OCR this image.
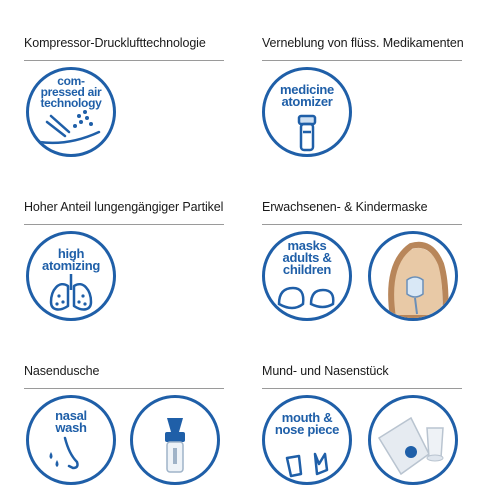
Kompressor-Drucklufttechnologie
com-
pressed air
technology
Verneblung von flüss. Medikamenten
medicine
atomizer
Hoher Anteil lungengängiger Partikel
high
atomizing
Erwachsenen- & Kindermaske
masks
adults &
children
Nasendusche
nasal
wash
Mund- und Nasenstück
mouth &
nose piece
